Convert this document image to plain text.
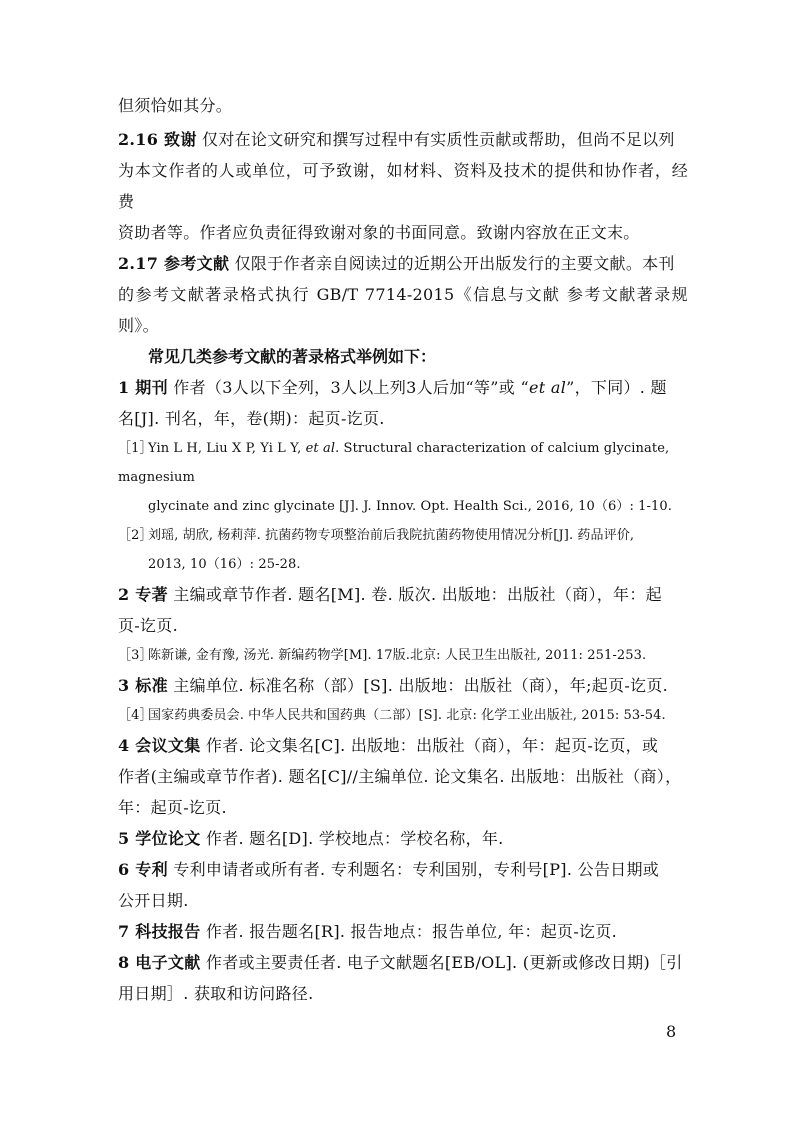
但须恰如其分。

2.16 致谢 仅对在论文研究和撰写过程中有实质性贡献或帮助，但尚不足以列
为本文作者的人或单位，可予致谢，如材料、资料及技术的提供和协作者，经费
资助者等。作者应负责征得致谢对象的书面同意。致谢内容放在正文末。

2.17 参考文献 仅限于作者亲自阅读过的近期公开出版发行的主要文献。本刊
的参考文献著录格式执行 GB/T 7714-2015《信息与文献 参考文献著录规则》。

常见几类参考文献的著录格式举例如下：

1 期刊 作者（3人以下全列，3人以上列3人后加“等”或 “et al”，下同）. 题
名[J]. 刊名，年，卷(期)：起页-讫页.

［1］Yin L H, Liu X P, Yi L Y, et al. Structural characterization of calcium glycinate, magnesium
glycinate and zinc glycinate [J]. J. Innov. Opt. Health Sci., 2016, 10（6）: 1-10.
［2］刘瑶, 胡欣, 杨莉萍. 抗菌药物专项整治前后我院抗菌药物使用情况分析[J]. 药品评价,
2013, 10（16）: 25-28.

2 专著 主编或章节作者. 题名[M]. 卷. 版次. 出版地：出版社（商），年：起
页-讫页.

［3］陈新谦, 金有豫, 汤光. 新编药物学[M]. 17版.北京: 人民卫生出版社, 2011: 251-253.

3 标准 主编单位. 标准名称（部）[S]. 出版地：出版社（商），年;起页-讫页.

［4］国家药典委员会. 中华人民共和国药典（二部）[S]. 北京: 化学工业出版社, 2015: 53-54.

4 会议文集 作者. 论文集名[C]. 出版地：出版社（商），年：起页-讫页，或
作者(主编或章节作者). 题名[C]//主编单位. 论文集名. 出版地：出版社（商），
年：起页-讫页.

5 学位论文 作者. 题名[D]. 学校地点：学校名称，年.

6 专利 专利申请者或所有者. 专利题名：专利国别，专利号[P]. 公告日期或
公开日期.

7 科技报告 作者. 报告题名[R]. 报告地点：报告单位, 年：起页-讫页.

8 电子文献 作者或主要责任者. 电子文献题名[EB/OL]. (更新或修改日期)［引
用日期］. 获取和访问路径.

8
